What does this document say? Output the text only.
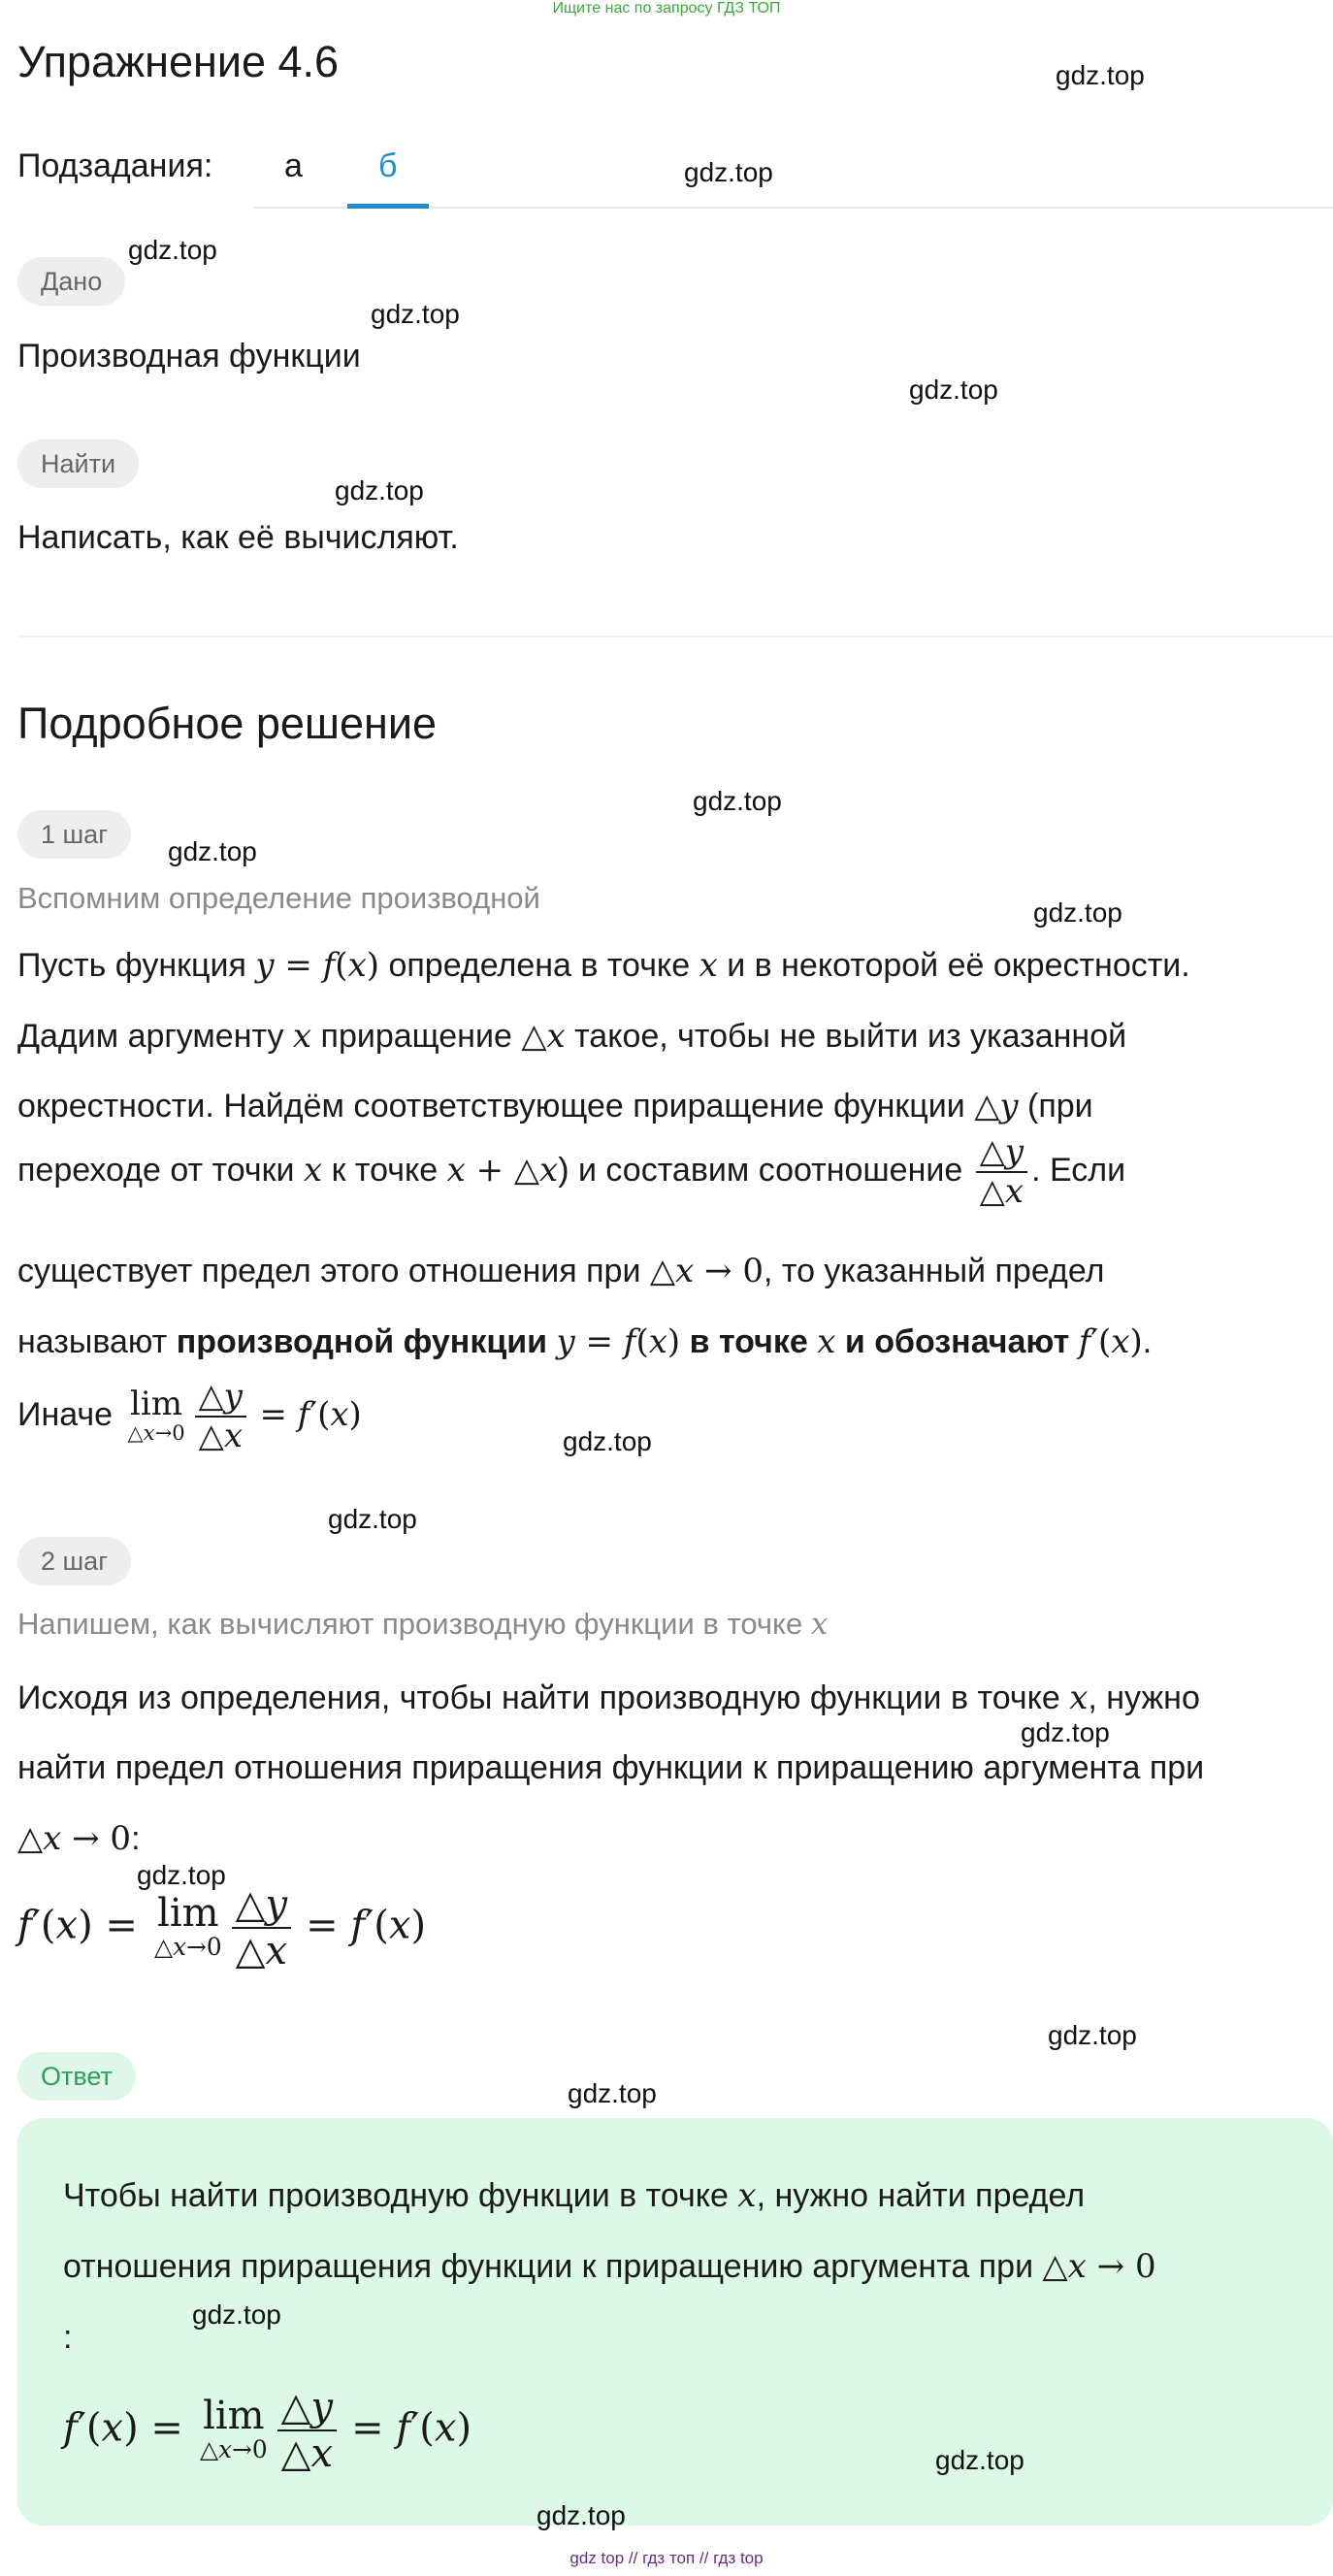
Ищите нас по запросу ГДЗ ТОП
Упражнение 4.6
Подзадания: а б
Дано
Производная функции
Найти
Написать, как её вычисляют.
Подробное решение
1 шаг
Вспомним определение производной
Пусть функция y = f(x) определена в точке x и в некоторой её окрестности.
Дадим аргументу x приращение △x такое, чтобы не выйти из указанной
окрестности. Найдём соответствующее приращение функции △y (при
переходе от точки x к точке x + △x) и составим соотношение $\frac{\triangle y}{\triangle x}$ . Если
существует предел этого отношения при △x → 0, то указанный предел
называют производной функции y = f(x) в точке x и обозначают f′(x).
Иначе lim
△x→0 $\frac{\triangle y}{\triangle x} = f'(x)$
2 шаг
Напишем, как вычисляют производную функции в точке x
Исходя из определения, чтобы найти производную функции в точке x, нужно
найти предел отношения приращения функции к приращению аргумента при
△x → 0:
f′(x) = lim
△x→0 $\frac{\triangle y}{\triangle x} = f'(x)$
Ответ
Чтобы найти производную функции в точке x, нужно найти предел
отношения приращения функции к приращению аргумента при △x → 0
:
f′(x) = lim
△x→0 $\frac{\triangle y}{\triangle x} = f'(x)$
gdz.top
gdz.top
gdz.top
gdz.top
gdz.top
gdz.top
gdz.top
gdz.top
gdz.top
gdz.top
gdz.top
gdz.top
gdz.top
gdz.top
gdz.top
gdz.top
gdz.top
gdz.top
gdz top // гдз топ // гдз top
